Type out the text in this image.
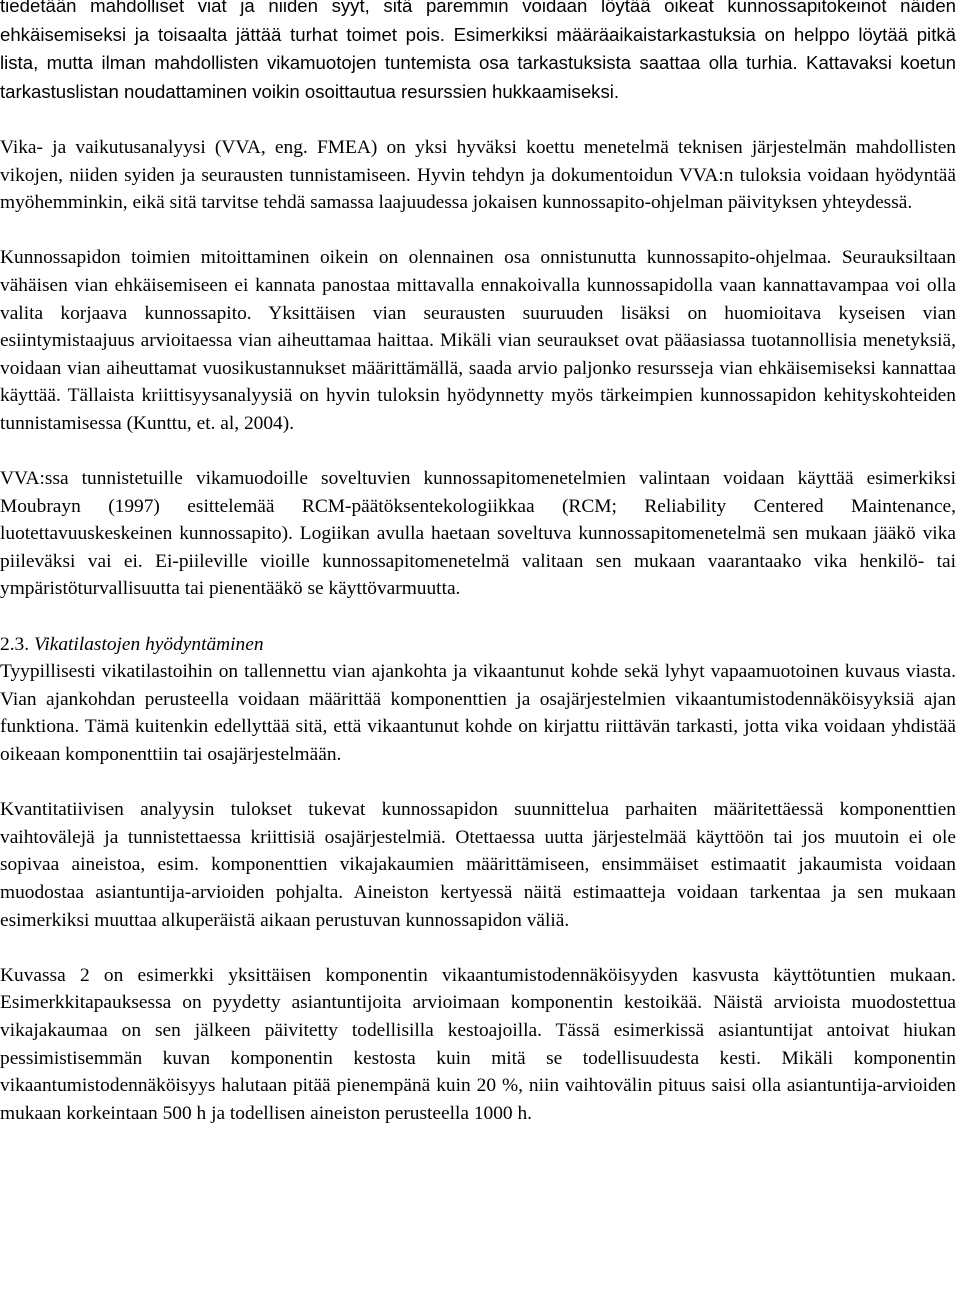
tiedetään mahdolliset viat ja niiden syyt, sitä paremmin voidaan löytää oikeat kunnossapitokeinot näiden ehkäisemiseksi ja toisaalta jättää turhat toimet pois. Esimerkiksi määräaikaistarkastuksia on helppo löytää pitkä lista, mutta ilman mahdollisten vikamuotojen tuntemista osa tarkastuksista saattaa olla turhia. Kattavaksi koetun tarkastuslistan noudattaminen voikin osoittautua resurssien hukkaamiseksi.

Vika- ja vaikutusanalyysi (VVA, eng. FMEA) on yksi hyväksi koettu menetelmä teknisen järjestelmän mahdollisten vikojen, niiden syiden ja seurausten tunnistamiseen. Hyvin tehdyn ja dokumentoidun VVA:n tuloksia voidaan hyödyntää myöhemminkin, eikä sitä tarvitse tehdä samassa laajuudessa jokaisen kunnossapito-ohjelman päivityksen yhteydessä.

Kunnossapidon toimien mitoittaminen oikein on olennainen osa onnistunutta kunnossapito-ohjelmaa. Seurauksiltaan vähäisen vian ehkäisemiseen ei kannata panostaa mittavalla ennakoivalla kunnossapidolla vaan kannattavampaa voi olla valita korjaava kunnossapito. Yksittäisen vian seurausten suuruuden lisäksi on huomioitava kyseisen vian esiintymistaajuus arvioitaessa vian aiheuttamaa haittaa. Mikäli vian seuraukset ovat pääasiassa tuotannollisia menetyksiä, voidaan vian aiheuttamat vuosikustannukset määrittämällä, saada arvio paljonko resursseja vian ehkäisemiseksi kannattaa käyttää. Tällaista kriittisyysanalyysiä on hyvin tuloksin hyödynnetty myös tärkeimpien kunnossapidon kehityskohteiden tunnistamisessa (Kunttu, et. al, 2004).

VVA:ssa tunnistetuille vikamuodoille soveltuvien kunnossapitomenetelmien valintaan voidaan käyttää esimerkiksi Moubrayn (1997) esittelemää RCM-päätöksentekologiikkaa (RCM; Reliability Centered Maintenance, luotettavuuskeskeinen kunnossapito). Logiikan avulla haetaan soveltuva kunnossapitomenetelmä sen mukaan jääkö vika piileväksi vai ei. Ei-piileville vioille kunnossapitomenetelmä valitaan sen mukaan vaarantaako vika henkilö- tai ympäristöturvallisuutta tai pienentääkö se käyttövarmuutta.

2.3. Vikatilastojen hyödyntäminen

Tyypillisesti vikatilastoihin on tallennettu vian ajankohta ja vikaantunut kohde sekä lyhyt vapaamuotoinen kuvaus viasta. Vian ajankohdan perusteella voidaan määrittää komponenttien ja osajärjestelmien vikaantumistodennäköisyyksiä ajan funktiona. Tämä kuitenkin edellyttää sitä, että vikaantunut kohde on kirjattu riittävän tarkasti, jotta vika voidaan yhdistää oikeaan komponenttiin tai osajärjestelmään.

Kvantitatiivisen analyysin tulokset tukevat kunnossapidon suunnittelua parhaiten määritettäessä komponenttien vaihtovälejä ja tunnistettaessa kriittisiä osajärjestelmiä. Otettaessa uutta järjestelmää käyttöön tai jos muutoin ei ole sopivaa aineistoa, esim. komponenttien vikajakaumien määrittämiseen, ensimmäiset estimaatit jakaumista voidaan muodostaa asiantuntija-arvioiden pohjalta. Aineiston kertyessä näitä estimaatteja voidaan tarkentaa ja sen mukaan esimerkiksi muuttaa alkuperäistä aikaan perustuvan kunnossapidon väliä.

Kuvassa 2 on esimerkki yksittäisen komponentin vikaantumistodennäköisyyden kasvusta käyttötuntien mukaan. Esimerkkitapauksessa on pyydetty asiantuntijoita arvioimaan komponentin kestoikää. Näistä arvioista muodostettua vikajakaumaa on sen jälkeen päivitetty todellisilla kestoajoilla. Tässä esimerkissä asiantuntijat antoivat hiukan pessimistisemmän kuvan komponentin kestosta kuin mitä se todellisuudesta kesti. Mikäli komponentin vikaantumistodennäköisyys halutaan pitää pienempänä kuin 20 %, niin vaihtovälin pituus saisi olla asiantuntija-arvioiden mukaan korkeintaan 500 h ja todellisen aineiston perusteella 1000 h.
